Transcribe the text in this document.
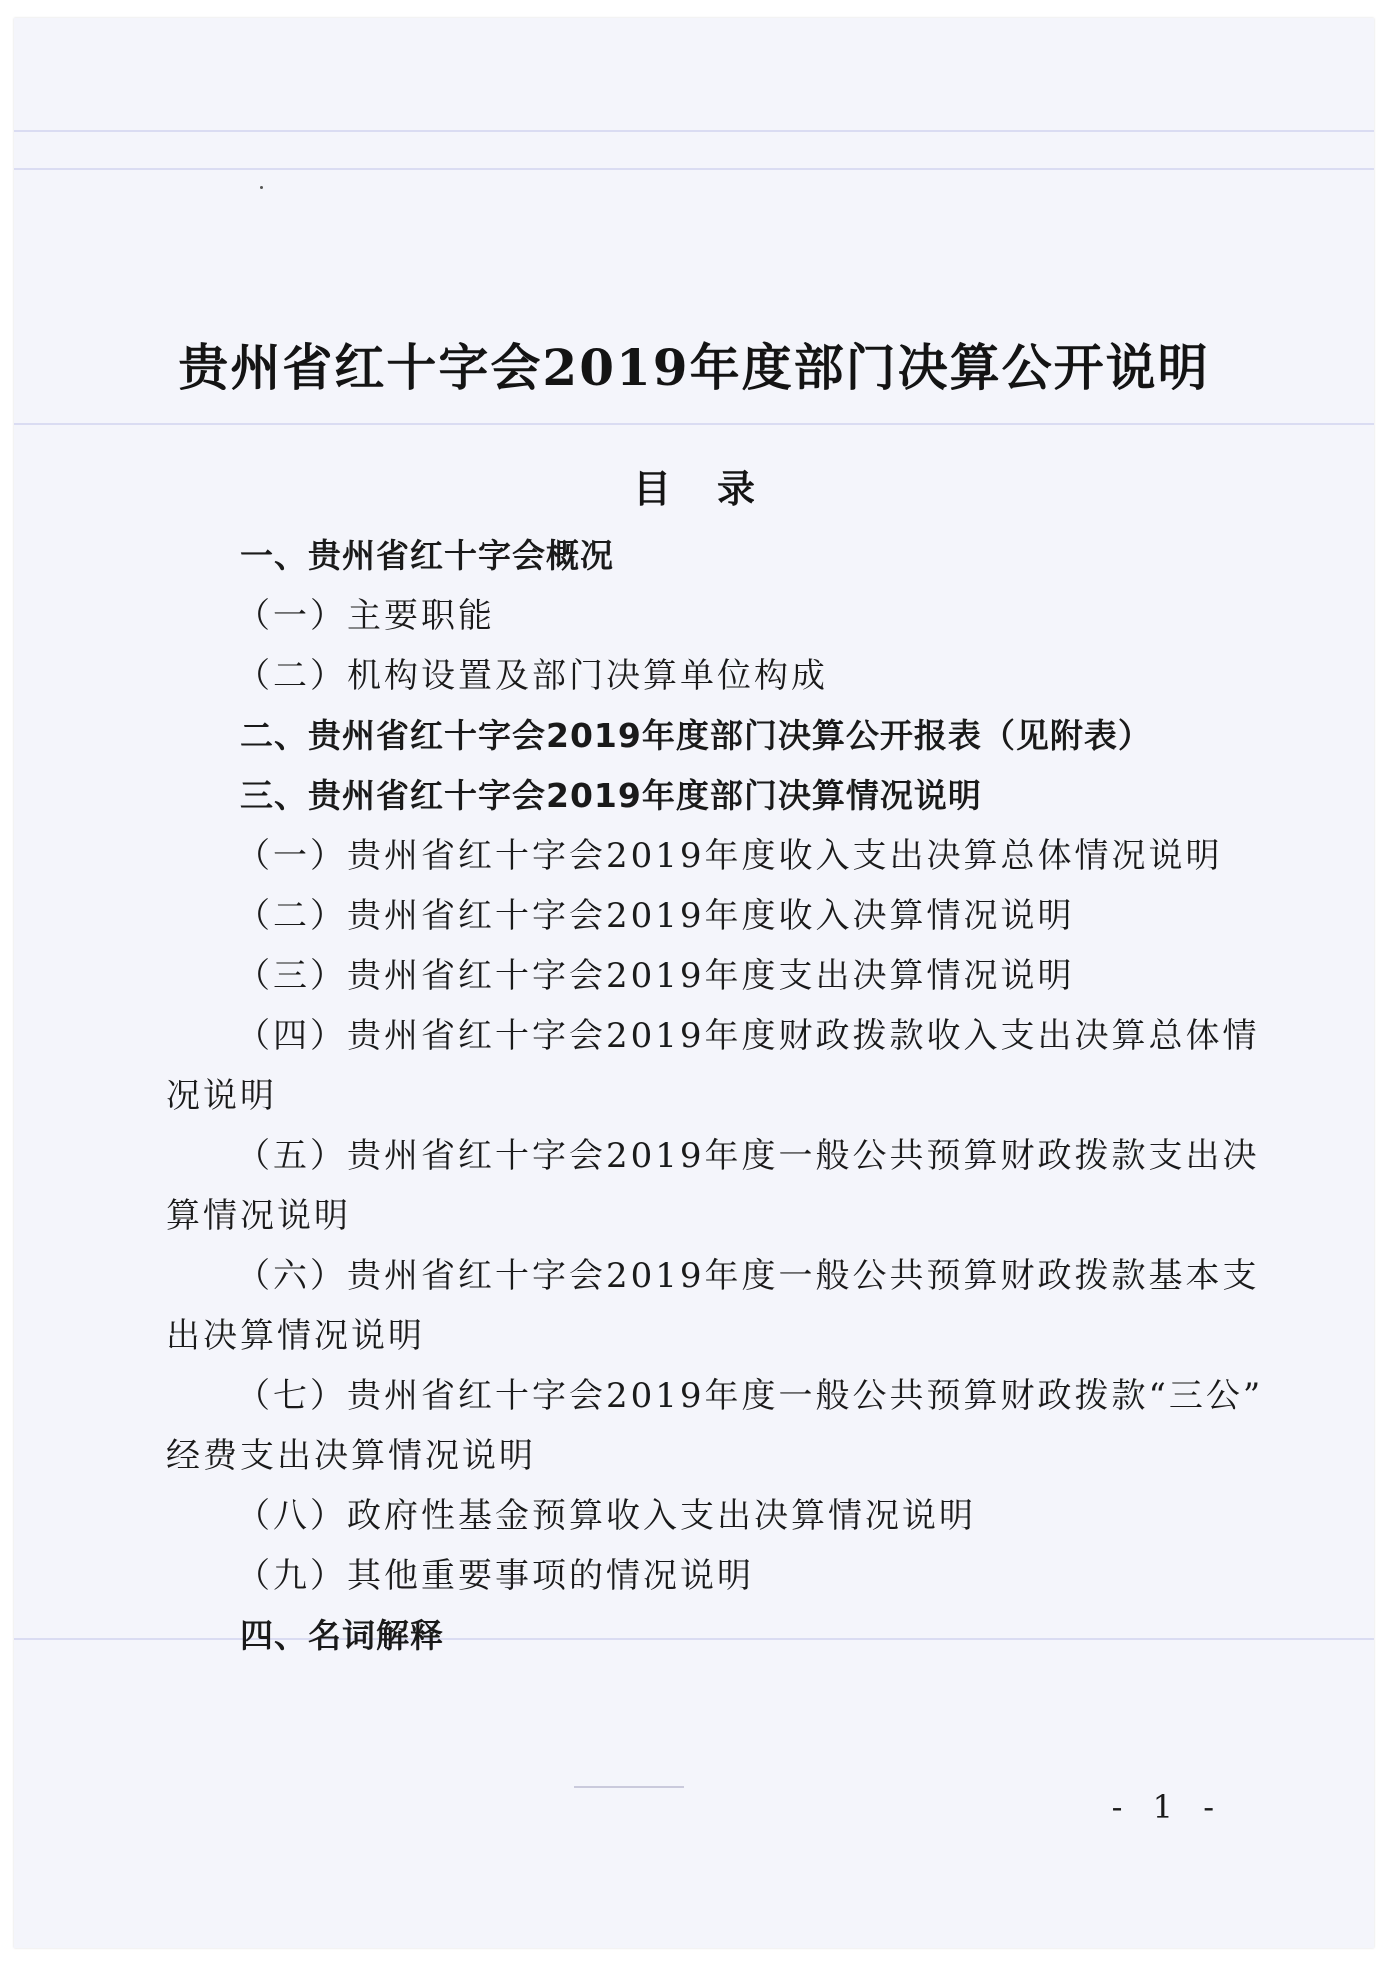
贵州省红十字会2019年度部门决算公开说明
目 录
一、贵州省红十字会概况
（一）主要职能
（二）机构设置及部门决算单位构成
二、贵州省红十字会2019年度部门决算公开报表（见附表）
三、贵州省红十字会2019年度部门决算情况说明
（一）贵州省红十字会2019年度收入支出决算总体情况说明
（二）贵州省红十字会2019年度收入决算情况说明
（三）贵州省红十字会2019年度支出决算情况说明
（四）贵州省红十字会2019年度财政拨款收入支出决算总体情
况说明
（五）贵州省红十字会2019年度一般公共预算财政拨款支出决
算情况说明
（六）贵州省红十字会2019年度一般公共预算财政拨款基本支
出决算情况说明
（七）贵州省红十字会2019年度一般公共预算财政拨款“三公”
经费支出决算情况说明
（八）政府性基金预算收入支出决算情况说明
（九）其他重要事项的情况说明
四、名词解释
- 1 -
